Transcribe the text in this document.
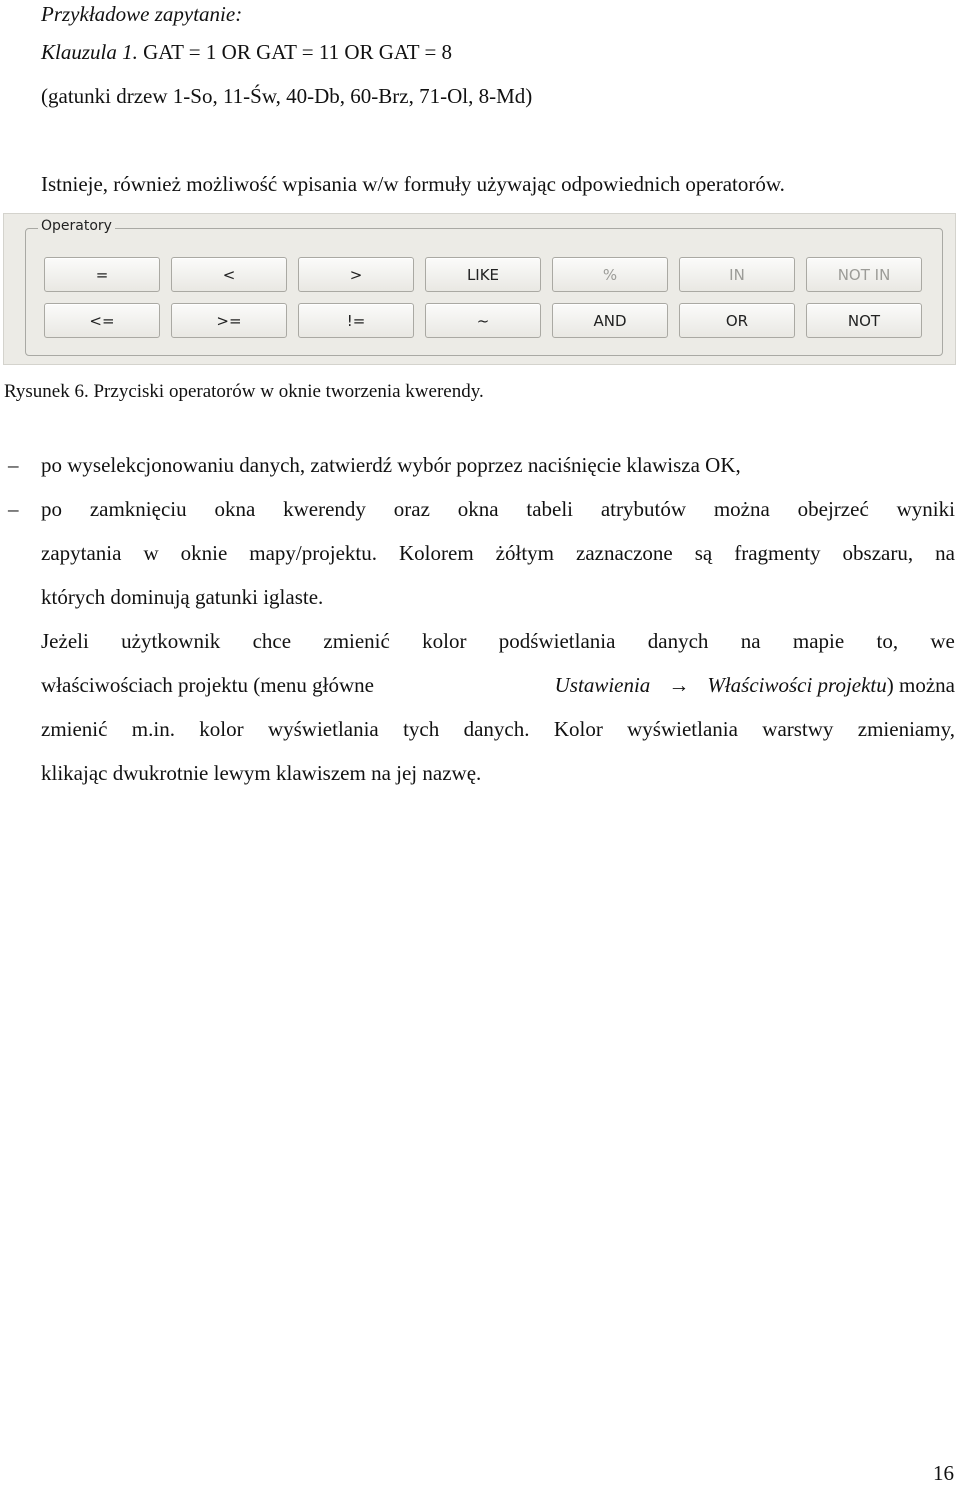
Przykładowe zapytanie:
Klauzula 1. GAT = 1 OR GAT = 11 OR GAT = 8
(gatunki drzew 1-So, 11-Św, 40-Db, 60-Brz, 71-Ol, 8-Md)
Istnieje, również możliwość wpisania w/w formuły używając odpowiednich operatorów.
Operatory
=	<	>	LIKE	%	IN	NOT IN
<=	>=	!=	~	AND	OR	NOT
Rysunek 6. Przyciski operatorów w oknie tworzenia kwerendy.
– po wyselekcjonowaniu danych, zatwierdź wybór poprzez naciśnięcie klawisza OK,
– po zamknięciu okna kwerendy oraz okna tabeli atrybutów można obejrzeć wyniki
zapytania w oknie mapy/projektu. Kolorem żółtym zaznaczone są fragmenty obszaru, na
których dominują gatunki iglaste.
Jeżeli użytkownik chce zmienić kolor podświetlania danych na mapie to, we
właściwościach projektu (menu główne	Ustawienia → Właściwości projektu) można
zmienić m.in. kolor wyświetlania tych danych. Kolor wyświetlania warstwy zmieniamy,
klikając dwukrotnie lewym klawiszem na jej nazwę.
16
